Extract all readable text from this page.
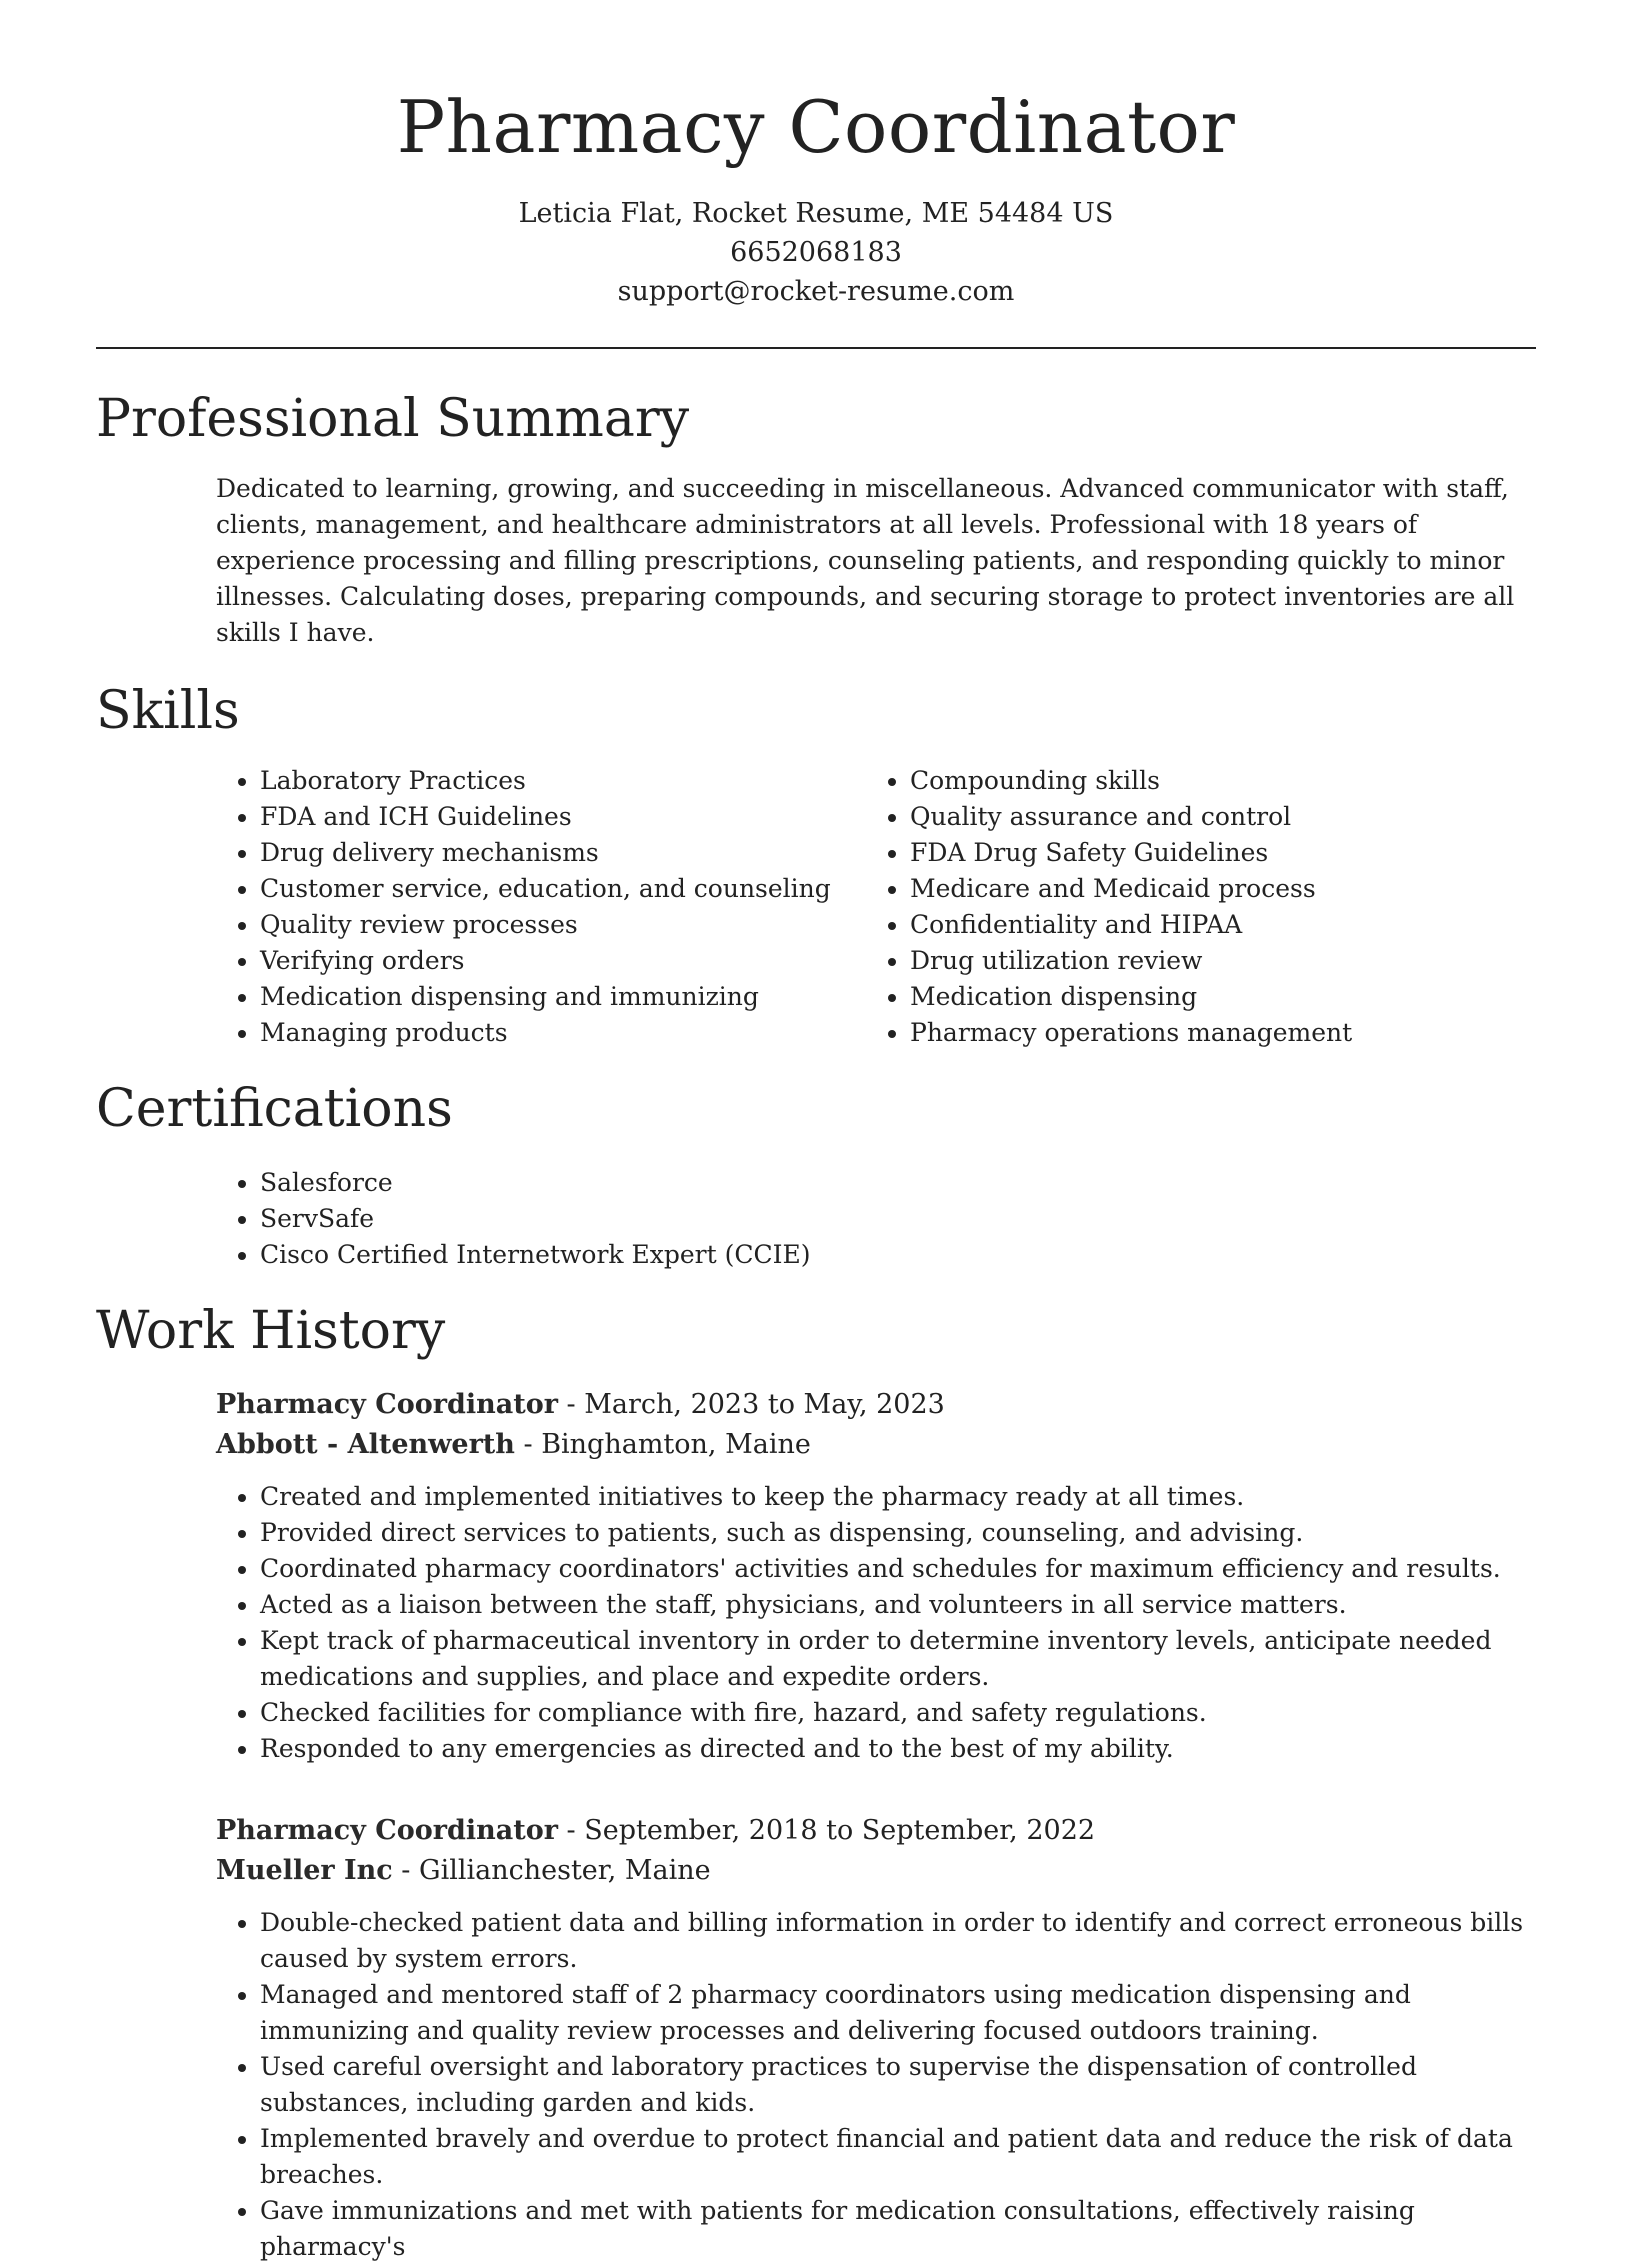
Pharmacy Coordinator
Leticia Flat, Rocket Resume, ME 54484 US
6652068183
support@rocket-resume.com
Professional Summary
Dedicated to learning, growing, and succeeding in miscellaneous. Advanced communicator with staff, clients, management, and healthcare administrators at all levels. Professional with 18 years of experience processing and filling prescriptions, counseling patients, and responding quickly to minor illnesses. Calculating doses, preparing compounds, and securing storage to protect inventories are all skills I have.
Skills
• Laboratory Practices
• FDA and ICH Guidelines
• Drug delivery mechanisms
• Customer service, education, and counseling
• Quality review processes
• Verifying orders
• Medication dispensing and immunizing
• Managing products
• Compounding skills
• Quality assurance and control
• FDA Drug Safety Guidelines
• Medicare and Medicaid process
• Confidentiality and HIPAA
• Drug utilization review
• Medication dispensing
• Pharmacy operations management
Certifications
• Salesforce
• ServSafe
• Cisco Certified Internetwork Expert (CCIE)
Work History
Pharmacy Coordinator - March, 2023 to May, 2023
Abbott - Altenwerth - Binghamton, Maine
• Created and implemented initiatives to keep the pharmacy ready at all times.
• Provided direct services to patients, such as dispensing, counseling, and advising.
• Coordinated pharmacy coordinators' activities and schedules for maximum efficiency and results.
• Acted as a liaison between the staff, physicians, and volunteers in all service matters.
• Kept track of pharmaceutical inventory in order to determine inventory levels, anticipate needed medications and supplies, and place and expedite orders.
• Checked facilities for compliance with fire, hazard, and safety regulations.
• Responded to any emergencies as directed and to the best of my ability.
Pharmacy Coordinator - September, 2018 to September, 2022
Mueller Inc - Gillianchester, Maine
• Double-checked patient data and billing information in order to identify and correct erroneous bills caused by system errors.
• Managed and mentored staff of 2 pharmacy coordinators using medication dispensing and immunizing and quality review processes and delivering focused outdoors training.
• Used careful oversight and laboratory practices to supervise the dispensation of controlled substances, including garden and kids.
• Implemented bravely and overdue to protect financial and patient data and reduce the risk of data breaches.
• Gave immunizations and met with patients for medication consultations, effectively raising pharmacy's
